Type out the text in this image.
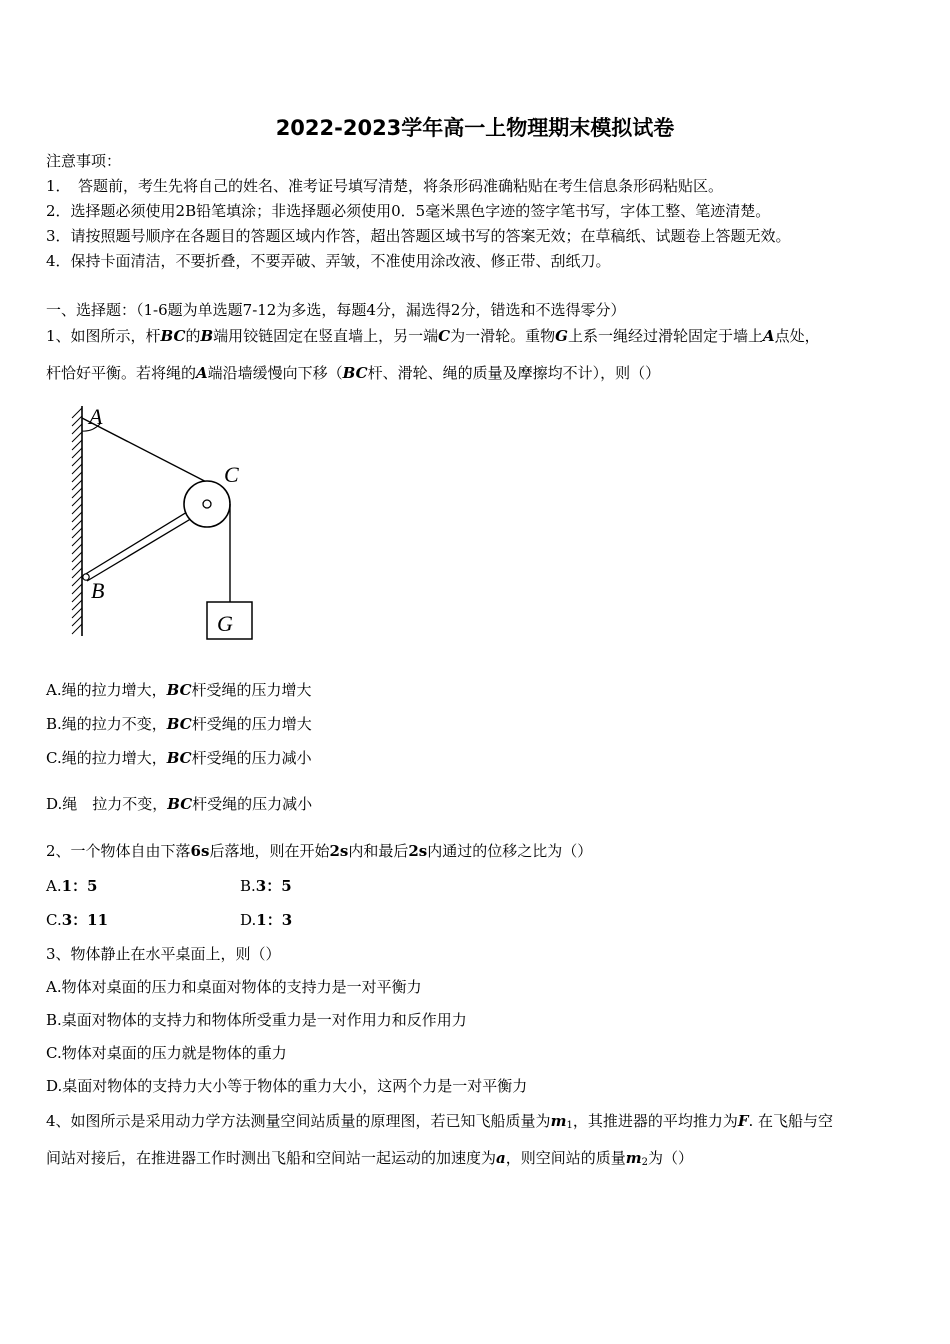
2022-2023学年高一上物理期末模拟试卷
注意事项：
1．　答题前，考生先将自己的姓名、准考证号填写清楚，将条形码准确粘贴在考生信息条形码粘贴区。
2．选择题必须使用2B铅笔填涂；非选择题必须使用0．5毫米黑色字迹的签字笔书写，字体工整、笔迹清楚。
3．请按照题号顺序在各题目的答题区域内作答，超出答题区域书写的答案无效；在草稿纸、试题卷上答题无效。
4．保持卡面清洁，不要折叠，不要弄破、弄皱，不准使用涂改液、修正带、刮纸刀。
一、选择题：（1-6题为单选题7-12为多选，每题4分，漏选得2分，错选和不选得零分）
1、如图所示，杆BC的B端用铰链固定在竖直墙上，另一端C为一滑轮。重物G上系一绳经过滑轮固定于墙上A点处，
杆恰好平衡。若将绳的A端沿墙缓慢向下移（BC杆、滑轮、绳的质量及摩擦均不计），则（）
A
C
B
G
A.绳的拉力增大，BC杆受绳的压力增大
B.绳的拉力不变，BC杆受绳的压力增大
C.绳的拉力增大，BC杆受绳的压力减小
D.绳　拉力不变，BC杆受绳的压力减小
2、一个物体自由下落6s后落地，则在开始2s内和最后2s内通过的位移之比为（）
A.1：5	B.3：5
C.3：11	D.1：3
3、物体静止在水平桌面上，则（）
A.物体对桌面的压力和桌面对物体的支持力是一对平衡力
B.桌面对物体的支持力和物体所受重力是一对作用力和反作用力
C.物体对桌面的压力就是物体的重力
D.桌面对物体的支持力大小等于物体的重力大小，这两个力是一对平衡力
4、如图所示是采用动力学方法测量空间站质量的原理图，若已知飞船质量为$m_1$，其推进器的平均推力为F. 在飞船与空
间站对接后，在推进器工作时测出飞船和空间站一起运动的加速度为a，则空间站的质量$m_2$为（）
